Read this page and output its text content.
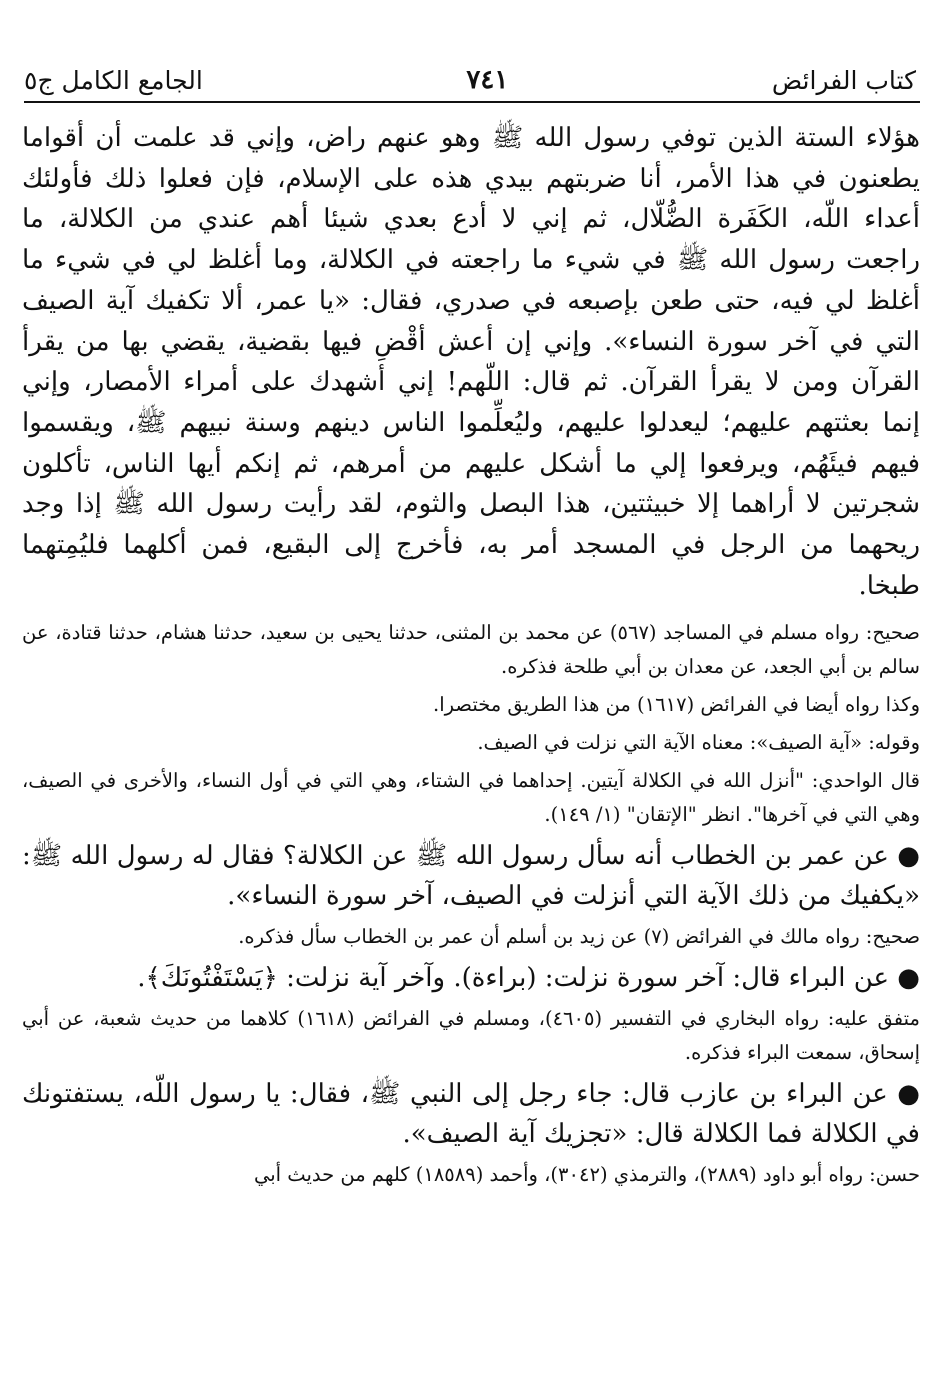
كتاب الفرائض
٧٤١
الجامع الكامل ج٥

هؤلاء الستة الذين توفي رسول الله ﷺ وهو عنهم راض، وإني قد علمت أن أقواما يطعنون في هذا الأمر، أنا ضربتهم بيدي هذه على الإسلام، فإن فعلوا ذلك فأولئك أعداء اللّه، الكَفَرة الضُّلّال، ثم إني لا أدع بعدي شيئا أهم عندي من الكلالة، ما راجعت رسول الله ﷺ في شيء ما راجعته في الكلالة، وما أغلظ لي في شيء ما أغلظ لي فيه، حتى طعن بإصبعه في صدري، فقال: «يا عمر، ألا تكفيك آية الصيف التي في آخر سورة النساء». وإني إن أعش أقْضِ فيها بقضية، يقضي بها من يقرأ القرآن ومن لا يقرأ القرآن. ثم قال: اللّهم! إني أشهدك على أمراء الأمصار، وإني إنما بعثتهم عليهم؛ ليعدلوا عليهم، وليُعلِّموا الناس دينهم وسنة نبيهم ﷺ، ويقسموا فيهم فيئَهُم، ويرفعوا إلي ما أشكل عليهم من أمرهم، ثم إنكم أيها الناس، تأكلون شجرتين لا أراهما إلا خبيثتين، هذا البصل والثوم، لقد رأيت رسول الله ﷺ إذا وجد ريحهما من الرجل في المسجد أمر به، فأخرج إلى البقيع، فمن أكلهما فليُمِتهما طبخا.

صحيح: رواه مسلم في المساجد (٥٦٧) عن محمد بن المثنى، حدثنا يحيى بن سعيد، حدثنا هشام، حدثنا قتادة، عن سالم بن أبي الجعد، عن معدان بن أبي طلحة فذكره.

وكذا رواه أيضا في الفرائض (١٦١٧) من هذا الطريق مختصرا.

وقوله: «آية الصيف»: معناه الآية التي نزلت في الصيف.

قال الواحدي: "أنزل الله في الكلالة آيتين. إحداهما في الشتاء، وهي التي في أول النساء، والأخرى في الصيف، وهي التي في آخرها". انظر "الإتقان" (١/ ١٤٩).

● عن عمر بن الخطاب أنه سأل رسول الله ﷺ عن الكلالة؟ فقال له رسول الله ﷺ: «يكفيك من ذلك الآية التي أنزلت في الصيف، آخر سورة النساء».

صحيح: رواه مالك في الفرائض (٧) عن زيد بن أسلم أن عمر بن الخطاب سأل فذكره.

● عن البراء قال: آخر سورة نزلت: (براءة). وآخر آية نزلت: ﴿يَسْتَفْتُونَكَ﴾.

متفق عليه: رواه البخاري في التفسير (٤٦٠٥)، ومسلم في الفرائض (١٦١٨) كلاهما من حديث شعبة، عن أبي إسحاق، سمعت البراء فذكره.

● عن البراء بن عازب قال: جاء رجل إلى النبي ﷺ، فقال: يا رسول اللّه، يستفتونك في الكلالة فما الكلالة قال: «تجزيك آية الصيف».

حسن: رواه أبو داود (٢٨٨٩)، والترمذي (٣٠٤٢)، وأحمد (١٨٥٨٩) كلهم من حديث أبي
